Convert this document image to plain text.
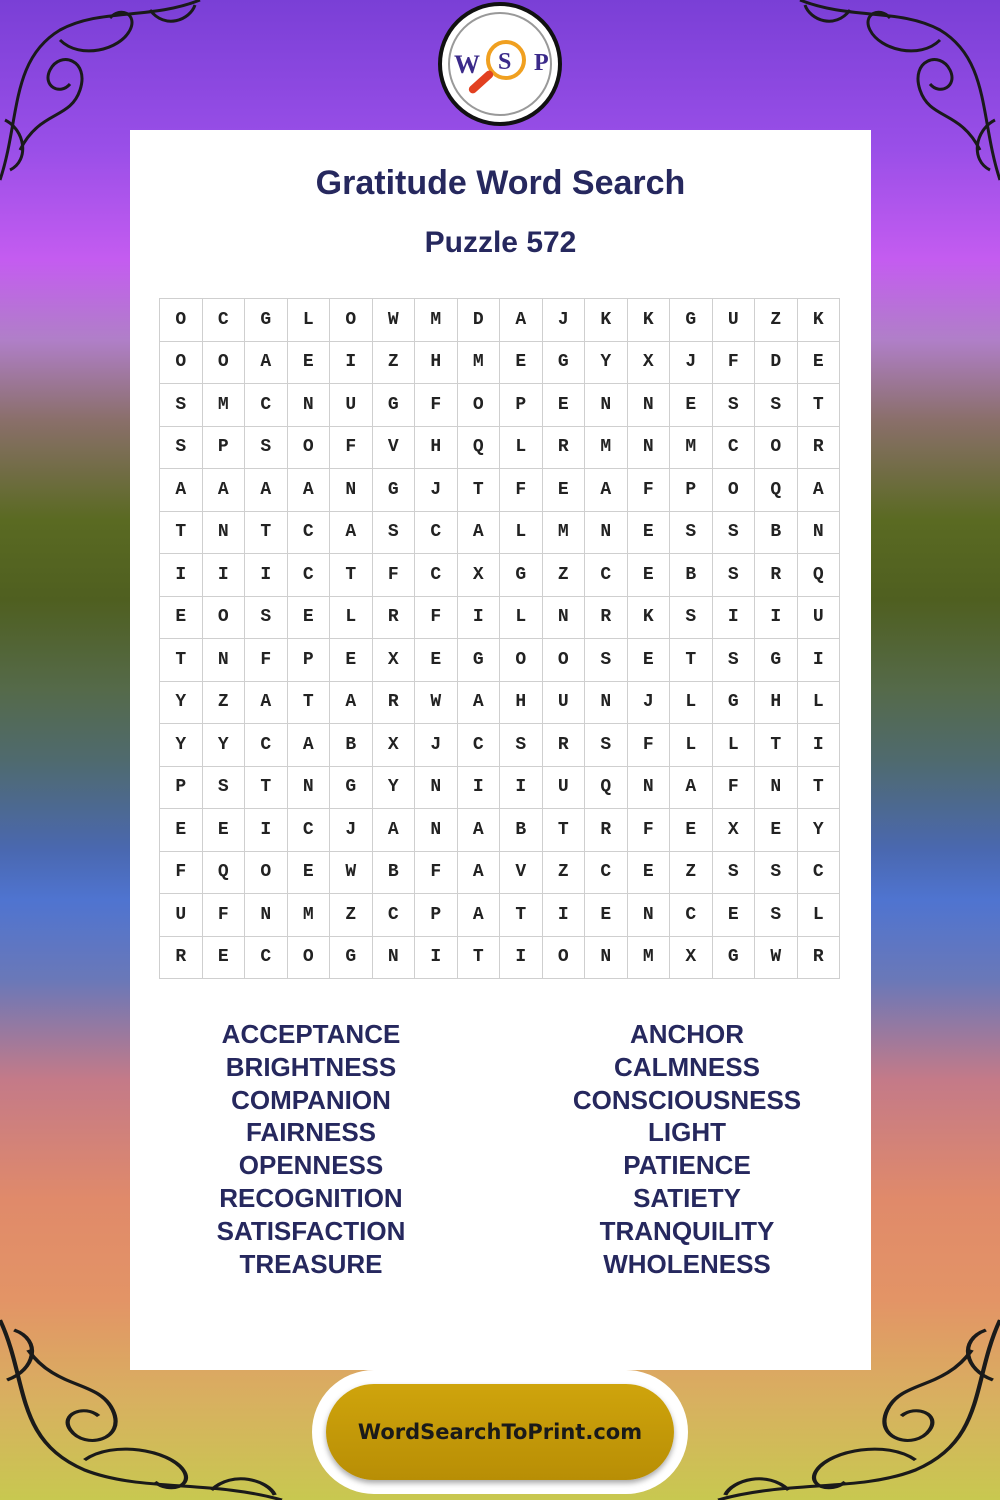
Gratitude Word Search
Puzzle 572
O	C	G	L	O	W	M	D	A	J	K	K	G	U	Z	K
O	O	A	E	I	Z	H	M	E	G	Y	X	J	F	D	E
S	M	C	N	U	G	F	O	P	E	N	N	E	S	S	T
S	P	S	O	F	V	H	Q	L	R	M	N	M	C	O	R
A	A	A	A	N	G	J	T	F	E	A	F	P	O	Q	A
T	N	T	C	A	S	C	A	L	M	N	E	S	S	B	N
I	I	I	C	T	F	C	X	G	Z	C	E	B	S	R	Q
E	O	S	E	L	R	F	I	L	N	R	K	S	I	I	U
T	N	F	P	E	X	E	G	O	O	S	E	T	S	G	I
Y	Z	A	T	A	R	W	A	H	U	N	J	L	G	H	L
Y	Y	C	A	B	X	J	C	S	R	S	F	L	L	T	I
P	S	T	N	G	Y	N	I	I	U	Q	N	A	F	N	T
E	E	I	C	J	A	N	A	B	T	R	F	E	X	E	Y
F	Q	O	E	W	B	F	A	V	Z	C	E	Z	S	S	C
U	F	N	M	Z	C	P	A	T	I	E	N	C	E	S	L
R	E	C	O	G	N	I	T	I	O	N	M	X	G	W	R
ACCEPTANCE
BRIGHTNESS
COMPANION
FAIRNESS
OPENNESS
RECOGNITION
SATISFACTION
TREASURE
ANCHOR
CALMNESS
CONSCIOUSNESS
LIGHT
PATIENCE
SATIETY
TRANQUILITY
WHOLENESS
W S P
WordSearchToPrint.com
